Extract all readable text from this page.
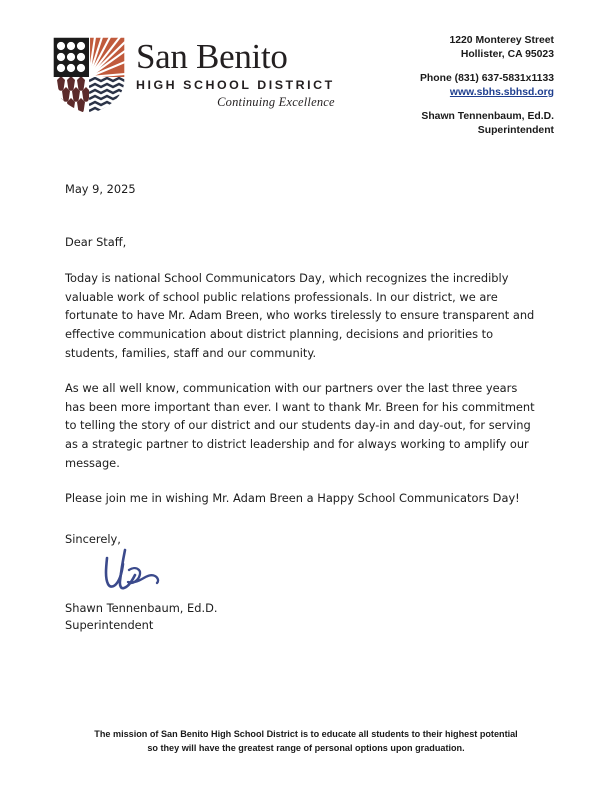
San Benito
HIGH SCHOOL DISTRICT
Continuing Excellence
1220 Monterey Street
Hollister, CA 95023
Phone (831) 637-5831x1133
www.sbhs.sbhsd.org
Shawn Tennenbaum, Ed.D.
Superintendent
May 9, 2025
Dear Staff,

Today is national School Communicators Day, which recognizes the incredibly valuable work of school public relations professionals. In our district, we are fortunate to have Mr. Adam Breen, who works tirelessly to ensure transparent and effective communication about district planning, decisions and priorities to students, families, staff and our community.

As we all well know, communication with our partners over the last three years has been more important than ever. I want to thank Mr. Breen for his commitment to telling the story of our district and our students day-in and day-out, for serving as a strategic partner to district leadership and for always working to amplify our message.

Please join me in wishing Mr. Adam Breen a Happy School Communicators Day!

Sincerely,
Shawn Tennenbaum, Ed.D.
Superintendent
The mission of San Benito High School District is to educate all students to their highest potential
so they will have the greatest range of personal options upon graduation.
